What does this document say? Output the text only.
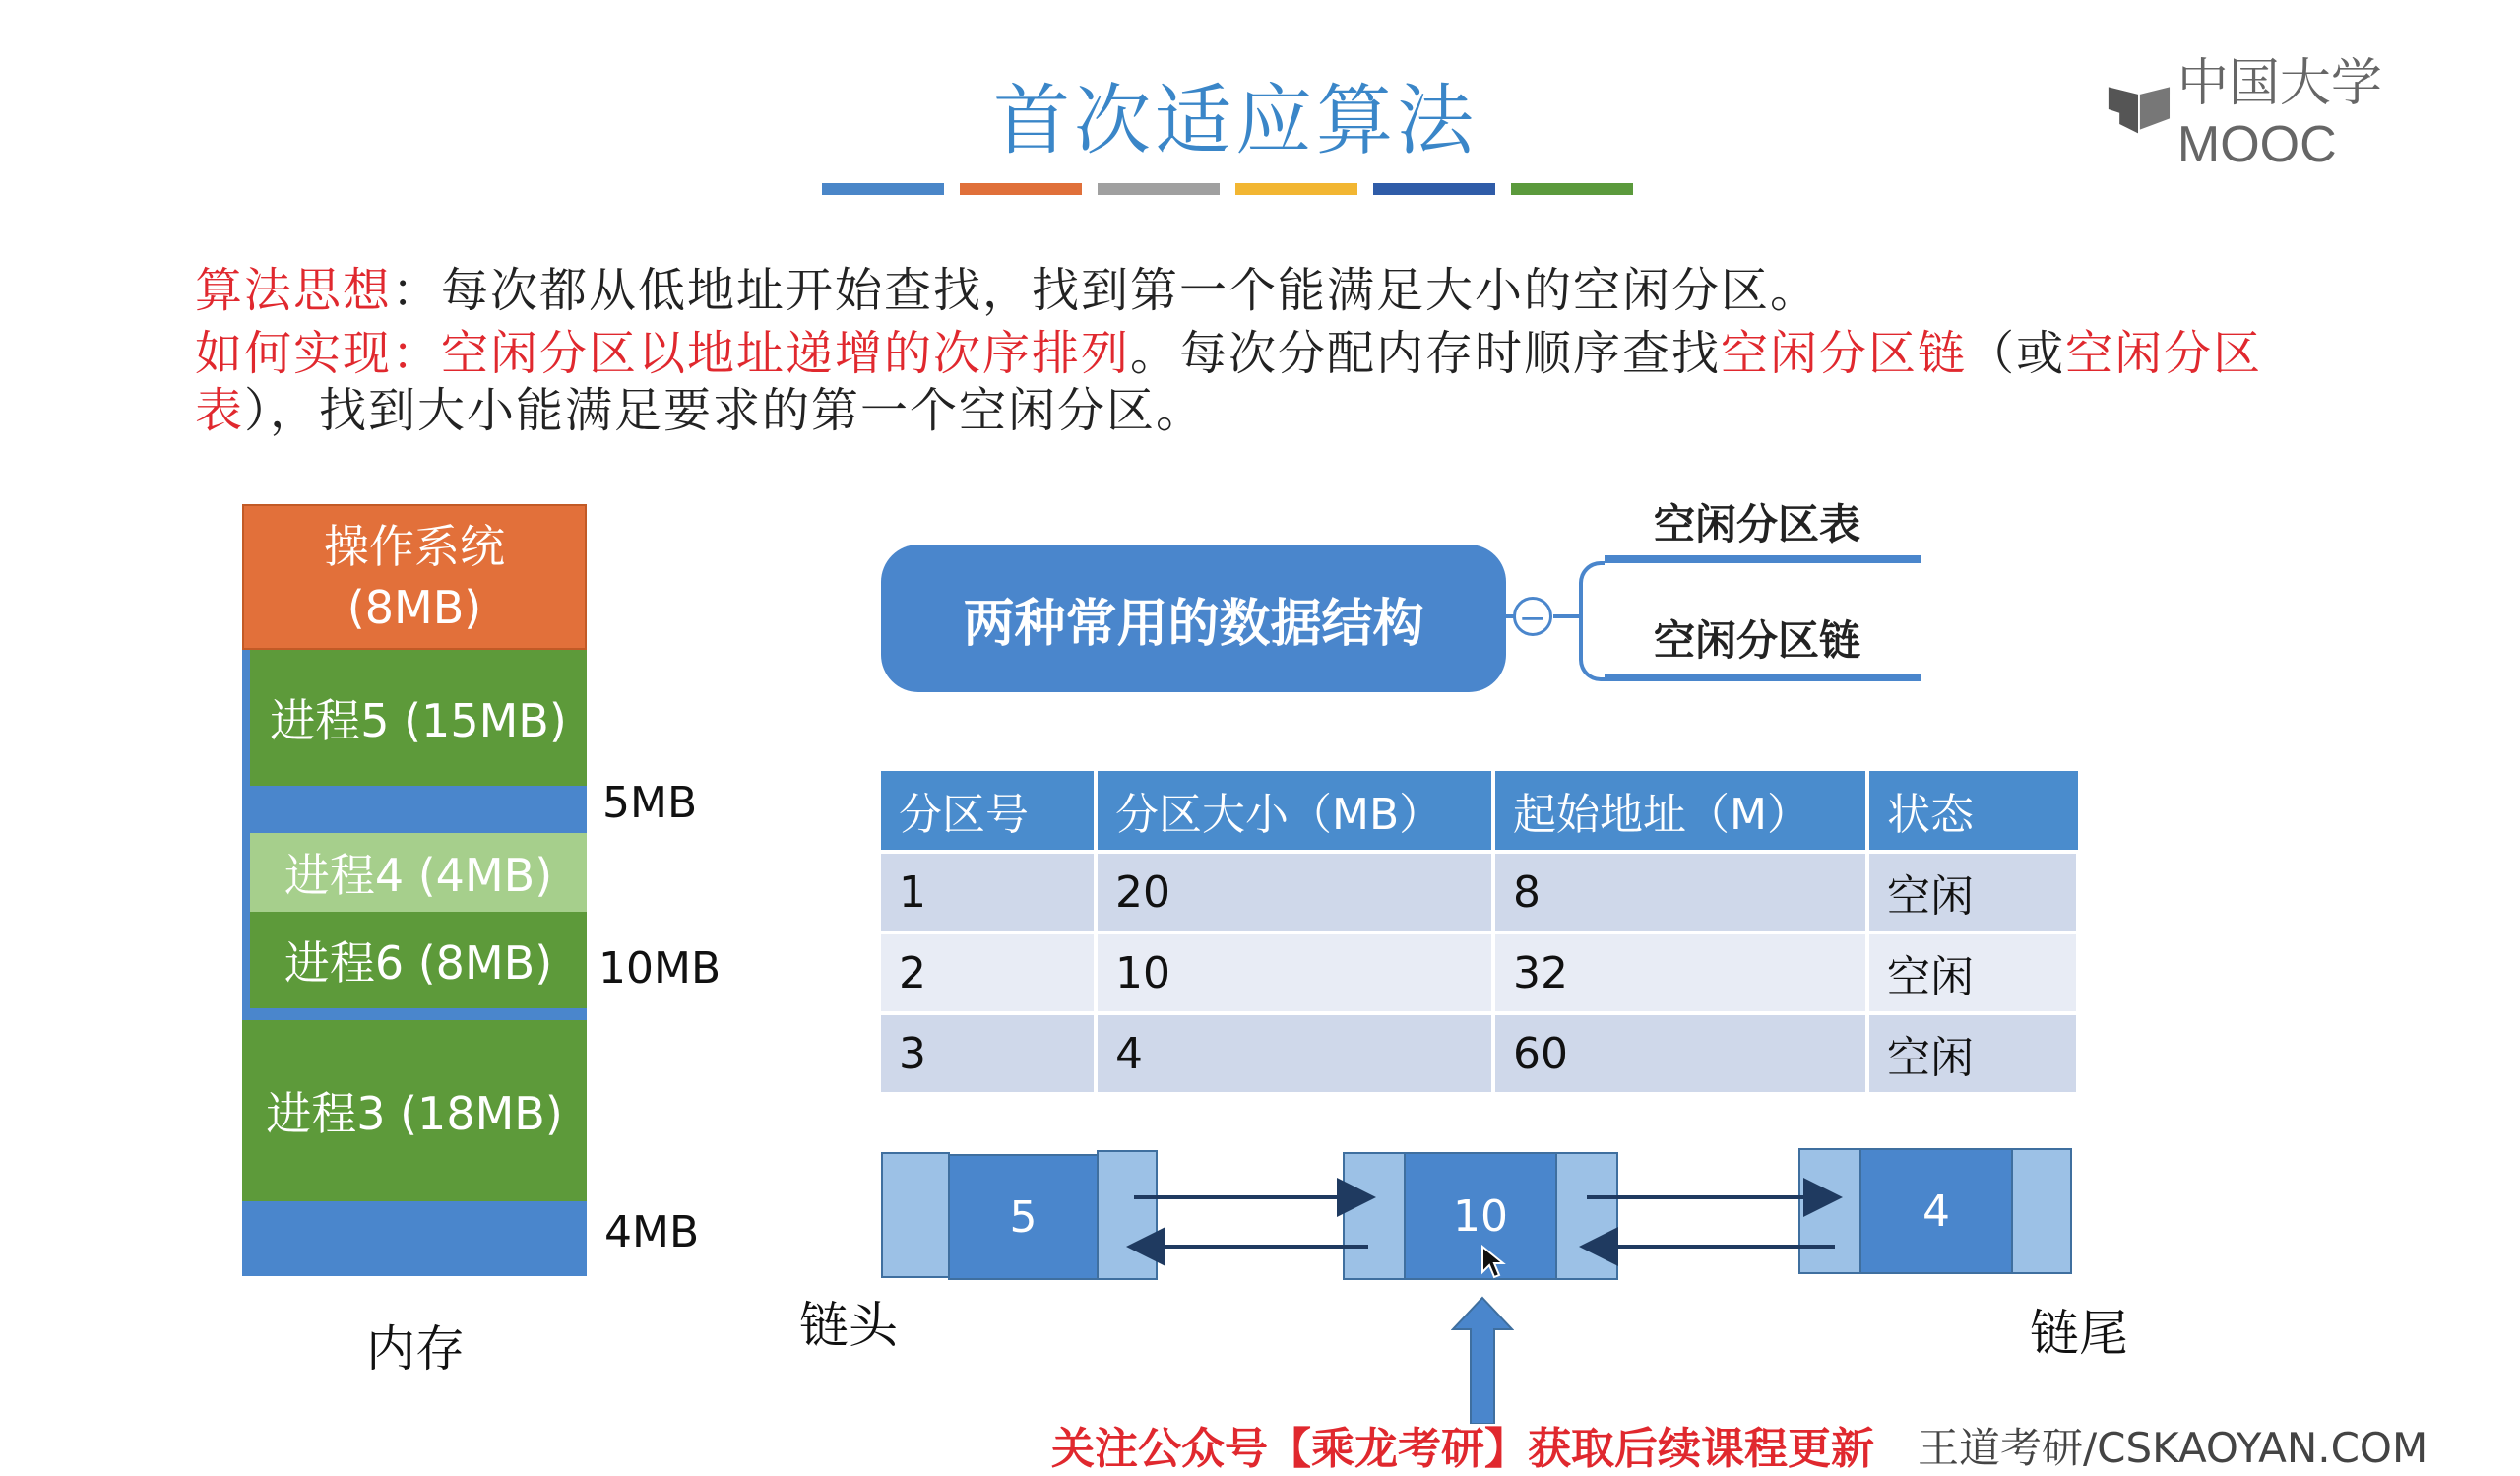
首次适应算法	中国大学MOOC
算法思想：每次都从低地址开始查找，找到第一个能满足大小的空闲分区。
如何实现：空闲分区以地址递增的次序排列。每次分配内存时顺序查找空闲分区链（或空闲分区
表），找到大小能满足要求的第一个空闲分区。
操作系统
(8MB)
进程5 (15MB)
进程4 (4MB)
进程6 (8MB)
进程3 (18MB)
5MB
10MB
4MB
内存
两种常用的数据结构	−
空闲分区表
空闲分区链
分区号	分区大小（MB）	起始地址（M）	状态
1	20	8	空闲
2	10	32	空闲
3	4	60	空闲
5	10	4
链头	链尾
关注公众号【乘龙考研】获取后续课程更新 王道考研/CSKAOYAN.COM
